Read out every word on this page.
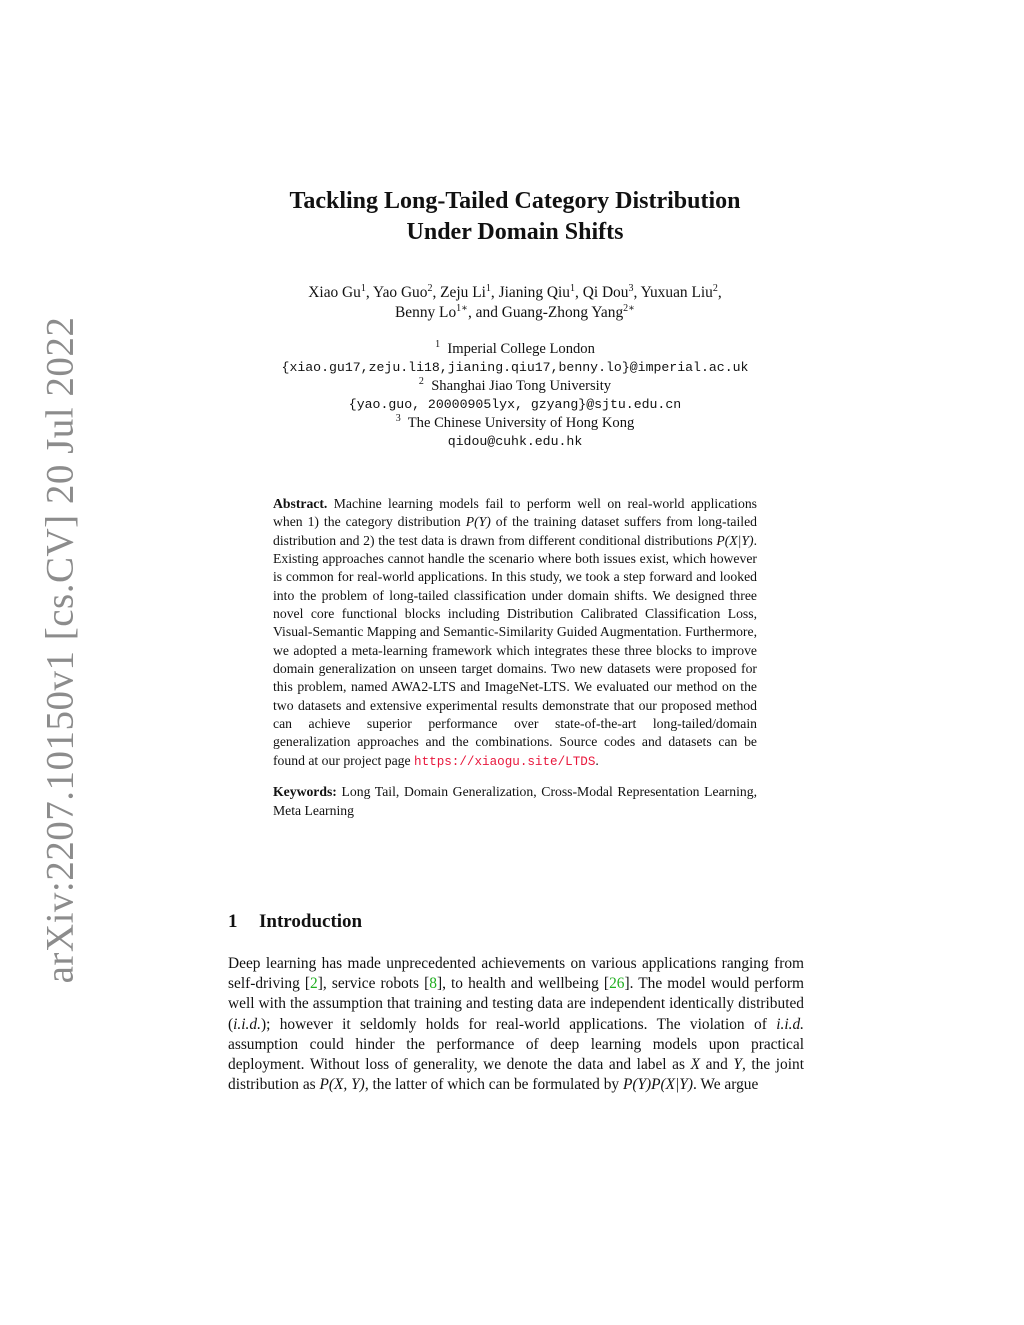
arXiv:2207.10150v1 [cs.CV] 20 Jul 2022
Tackling Long-Tailed Category Distribution
Under Domain Shifts
Xiao Gu$^1$, Yao Guo$^2$, Zeju Li$^1$, Jianing Qiu$^1$, Qi Dou$^3$, Yuxuan Liu$^2$,
Benny $Lo^{1∗}$, and Guang-Zhong Yang$^{2∗}$
$^1$ Imperial College London
{xiao.gu17,zeju.li18,jianing.qiu17,benny.lo}@imperial.ac.uk
$^2$ Shanghai Jiao Tong University
{yao.guo, 20000905lyx, gzyang}@sjtu.edu.cn
$^3$ The Chinese University of Hong Kong
qidou@cuhk.edu.hk

Abstract. Machine learning models fail to perform well on real-world applications when 1) the category distribution P(Y) of the training dataset suffers from long-tailed distribution and 2) the test data is drawn from different conditional distributions P(X|Y). Existing approaches cannot handle the scenario where both issues exist, which however is common for real-world applications. In this study, we took a step forward and looked into the problem of long-tailed classification under domain shifts. We designed three novel core functional blocks including Distribution Calibrated Classification Loss, Visual-Semantic Mapping and Semantic-Similarity Guided Augmentation. Furthermore, we adopted a meta-learning framework which integrates these three blocks to improve domain generalization on unseen target domains. Two new datasets were proposed for this problem, named AWA2-LTS and ImageNet-LTS. We evaluated our method on the two datasets and extensive experimental results demonstrate that our proposed method can achieve superior performance over state-of-the-art long-tailed/domain generalization approaches and the combinations. Source codes and datasets can be found at our project page https://xiaogu.site/LTDS.

Keywords: Long Tail, Domain Generalization, Cross-Modal Representation Learning, Meta Learning

1 Introduction

Deep learning has made unprecedented achievements on various applications ranging from self-driving [2], service robots [8], to health and wellbeing [26]. The model would perform well with the assumption that training and testing data are independent identically distributed (i.i.d.); however it seldomly holds for real-world applications. The violation of i.i.d. assumption could hinder the performance of deep learning models upon practical deployment. Without loss of generality, we denote the data and label as X and Y, the joint distribution as P(X, Y), the latter of which can be formulated by P(Y)P(X|Y). We argue
